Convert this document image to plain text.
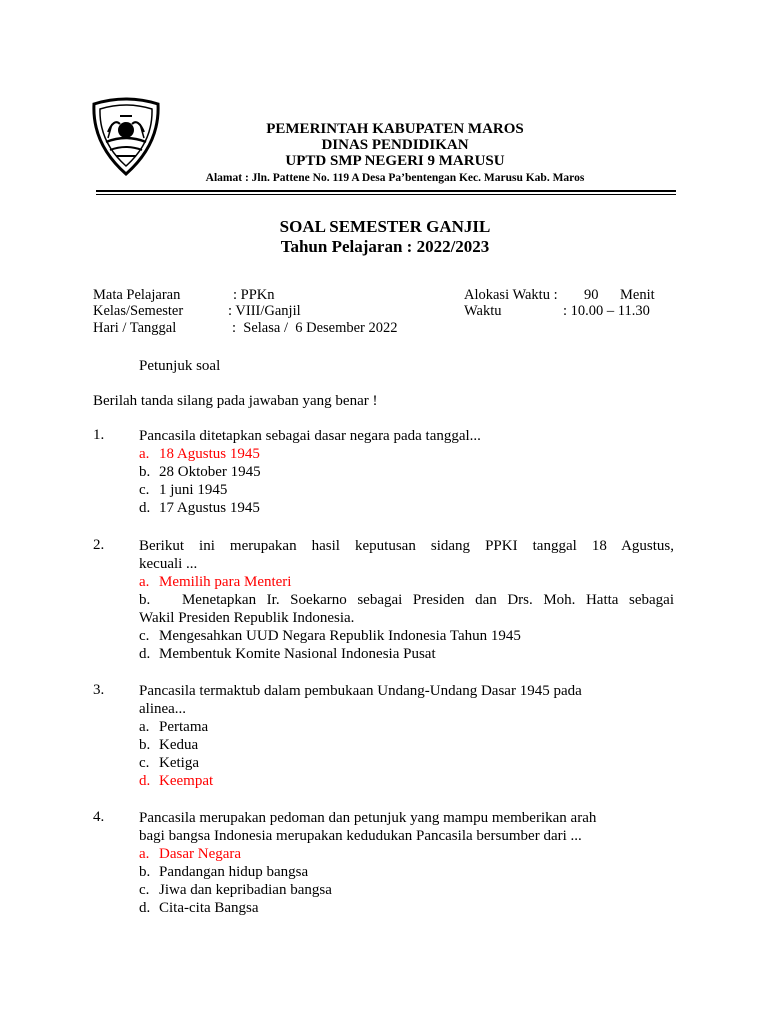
PEMERINTAH KABUPATEN MAROS
DINAS PENDIDIKAN
UPTD SMP NEGERI 9 MARUSU
Alamat : Jln. Pattene No. 119 A Desa Pa’bentengan Kec. Marusu Kab. Maros
SOAL SEMESTER GANJIL
Tahun Pelajaran : 2022/2023
Mata Pelajaran	: PPKn
Kelas/Semester	: VIII/Ganjil
Hari / Tanggal	:  Selasa /  6 Desember 2022
Alokasi Waktu : 90 Menit
Waktu	: 10.00 – 11.30
Petunjuk soal
Berilah tanda silang pada jawaban yang benar !
1. Pancasila ditetapkan sebagai dasar negara pada tanggal...
a. 18 Agustus 1945
b. 28 Oktober 1945
c. 1 juni 1945
d. 17 Agustus 1945
2. Berikut ini merupakan hasil keputusan sidang PPKI tanggal 18 Agustus,
kecuali ...
a. Memilih para Menteri
b. Menetapkan Ir. Soekarno sebagai Presiden dan Drs. Moh. Hatta sebagai
Wakil Presiden Republik Indonesia.
c. Mengesahkan UUD Negara Republik Indonesia Tahun 1945
d. Membentuk Komite Nasional Indonesia Pusat
3. Pancasila termaktub dalam pembukaan Undang-Undang Dasar 1945 pada
alinea...
a. Pertama
b. Kedua
c. Ketiga
d. Keempat
4. Pancasila merupakan pedoman dan petunjuk yang mampu memberikan arah
bagi bangsa Indonesia merupakan kedudukan Pancasila bersumber dari ...
a. Dasar Negara
b. Pandangan hidup bangsa
c. Jiwa dan kepribadian bangsa
d. Cita-cita Bangsa
